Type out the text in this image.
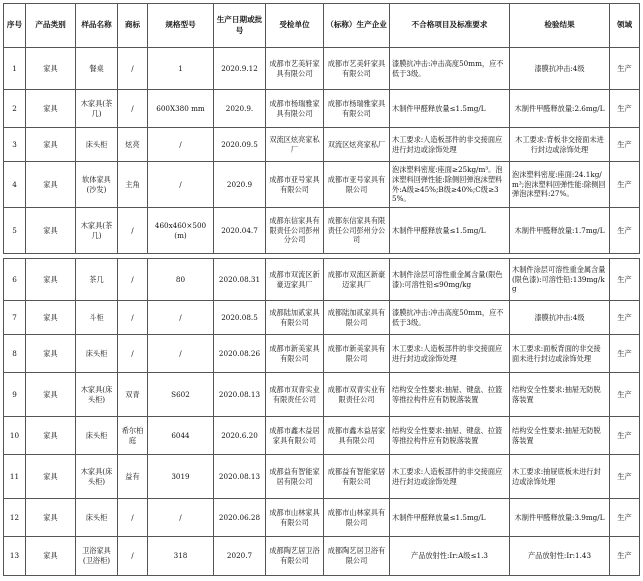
序号	产品类别	样品名称	商标	规格型号	生产日期或批号	受检单位	（标称）生产企业	不合格项目及标准要求	检验结果	领域
1	家具	餐桌	/	1	2020.9.12	成都市艺美轩家具有限公司	成都市艺美轩家具有限公司	漆膜抗冲击:冲击高度50mm，应不低于3级。	漆膜抗冲击:4级	生产
2	家具	木家具(茶几)	/	600X380 mm	2020.9.	成都市杨瑞雅家具有限公司	成都市杨瑞雅家具有限公司	木制件甲醛释放量≤1.5mg/L	木制件甲醛释放量:2.6mg/L	生产
3	家具	床头柜	炫亮	/	2020.09.5	双流区炫亮家私厂	双流区炫亮家私厂	木工要求:人造板部件的非交接面应进行封边或涂饰处理	木工要求:背板非交接面未进行封边或涂饰处理	生产
4	家具	软体家具(沙发)	主角	/	2020.9	成都市亚号家具有限公司	成都市亚号家具有限公司	泡沫塑料密度:座面≥25kg/m³。泡沫塑料回弹性能:除侧回弹泡沫塑料外:A级≥45%;B级≥40%;C级≥35%。	泡沫塑料密度:座面:24.1kg/m³;泡沫塑料回弹性能:除侧回弹泡沫塑料:27%。	生产
5	家具	木家具(茶几)	/	460x460×500 (m)	2020.04.7	成都东信家具有限责任公司彭州分公司	成都东信家具有限责任公司彭州分公司	木制件甲醛释放量≤1.5mg/L	木制件甲醛释放量:1.7mg/L	生产
6	家具	茶几	/	80	2020.08.31	成都市双流区新豪迈家具厂	成都市双流区新豪迈家具厂	木制件涂层可溶性重金属含量(限色漆):可溶性铅≤90mg/kg	木制件涂层可溶性重金属含量(限色漆):可溶性铅:139mg/kg	生产
7	家具	斗柜	/	/	2020.08.5	成都陆加贰家具有限公司	成都陆加贰家具有限公司	漆膜抗冲击:冲击高度50mm，应不低于3级。	漆膜抗冲击:4级	生产
8	家具	床头柜	/	/	2020.08.26	成都市新美家具有限公司	成都市新美家具有限公司	木工要求:人造板部件的非交接面应进行封边或涂饰处理	木工要求:面板背面的非交接面未进行封边或涂饰处理	生产
9	家具	木家具(床头柜)	双青	S602	2020.08.13	成都市双青实业有限责任公司	成都市双青实业有限责任公司	结构安全性要求:抽屉、键盘、拉篮等推拉构件应有防脱落装置	结构安全性要求:抽屉无防脱落装置	生产
10	家具	床头柜	希尔柏庭	6044	2020.6.20	成都市鑫木益居家具有限公司	成都市鑫木益居家具有限公司	结构安全性要求:抽屉、键盘、拉篮等推拉构件应有防脱落装置	结构安全性要求:抽屉无防脱落装置	生产
11	家具	木家具(床头柜)	益有	3019	2020.08.13	成都益有智能家居有限公司	成都益有智能家居有限公司	木工要求:人造板部件的非交接面应进行封边或涂饰处理	木工要求:抽屉底板未进行封边或涂饰处理	生产
12	家具	床头柜	/	/	2020.06.28	成都市山林家具有限公司	成都市山林家具有限公司	木制件甲醛释放量≤1.5mg/L	木制件甲醛释放量:3.9mg/L	生产
13	家具	卫浴家具(卫浴柜)	/	318	2020.7	成都陶艺居卫浴有限公司	成都陶艺居卫浴有限公司	产品放射性:Ir:A级≤1.3	产品放射性:Ir:1.43	生产
